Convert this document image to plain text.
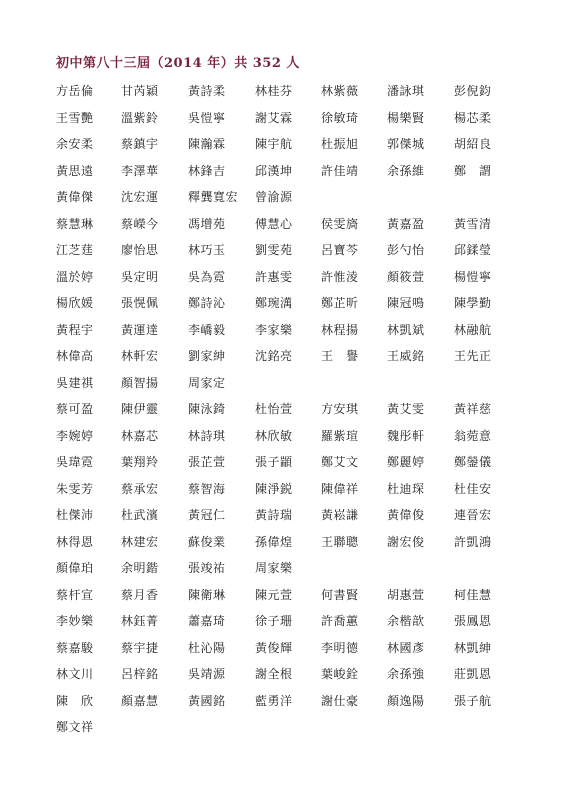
初中第八十三屆（2014 年）共 352 人
方岳倫 甘芮穎 黃詩柔 林桂芬 林紫薇 潘詠琪 彭倪鈞
王雪艷 溫紫鈴 吳愷寧 謝艾霖 徐敏琦 楊樂賢 楊芯柔
余安柔 蔡鎮宇 陳瀚霖 陳宇航 杜振旭 郭傑城 胡紹良
黃思遠 李澤華 林鋒吉 邱漢坤 許佳靖 余孫維 鄭　謂
黃偉傑 沈宏運 釋龔寬宏 曾渝源
蔡慧琳 蔡嶸今 馮增苑 傅慧心 侯雯旖 黃嘉盈 黃雪清
江芝莛 廖怡思 林巧玉 劉雯苑 呂寶芩 彭勺怡 邱鍒瑩
溫於婷 吳定明 吳為霓 許惠雯 許惟淩 顏筱萱 楊愷寧
楊欣媛 張愰佩 鄭詩沁 鄭琬澫 鄭芷昕 陳冠鳴 陳學勤
黃程宇 黃運達 李嶠毅 李家樂 林程揚 林凱斌 林融航
林偉高 林軒宏 劉家紳 沈銘亮 王　譽 王威銘 王先正
吳建祺 顏智揚 周家定
蔡可盈 陳伊靈 陳泳錡 杜怡萱 方安琪 黃艾雯 黃祥慈
李婉婷 林嘉芯 林詩琪 林欣敏 羅紫瑄 魏彤軒 翁菀意
吳瑋霓 葉翔羚 張芷萱 張子顓 鄭艾文 鄭麗婷 鄭鎣儀
朱雯芳 蔡承宏 蔡智海 陳淨鋭 陳偉祥 杜迪琛 杜佳安
杜傑沛 杜武濱 黃冠仁 黃詩瑞 黃崧謙 黃偉俊 連晉宏
林得恩 林建宏 蘇俊業 孫偉煌 王聯聰 謝宏俊 許凱鴻
顏偉珀 余明鍇 張竣祐 周家樂
蔡杆宣 蔡月香 陳衛琳 陳元萱 何書賢 胡惠萱 柯佳慧
李妙樂 林鈺菁 蕭嘉琦 徐子珊 許喬蕙 余楷歆 張鳳恩
蔡嘉駿 蔡宇捷 杜沁陽 黃俊輝 李明德 林國彥 林凱紳
林文川 呂梓銘 吳靖源 謝全根 葉峻銓 余孫強 莊凱恩
陳　欣 顏嘉慧 黃國銘 藍勇洋 謝仕豪 顏逸陽 張子航
鄭文祥
